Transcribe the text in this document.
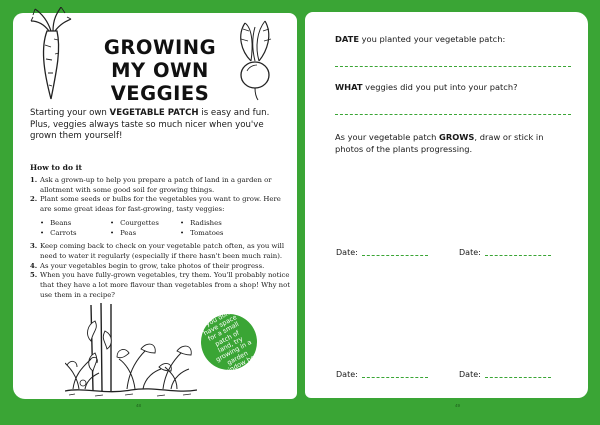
GROWING MY OWN VEGGIES
Starting your own VEGETABLE PATCH is easy and fun. Plus, veggies always taste so much nicer when you've grown them yourself!
How to do it
1. Ask a grown-up to help you prepare a patch of land in a garden or allotment with some good soil for growing things.
2. Plant some seeds or bulbs for the vegetables you want to grow. Here are some great ideas for fast-growing, tasty veggies:
• Beans	• Courgettes	• Radishes
• Carrots	• Peas	• Tomatoes
3. Keep coming back to check on your vegetable patch often, as you will need to water it regularly (especially if there hasn't been much rain).
4. As your vegetables begin to grow, take photos of their progress.
5. When you have fully-grown vegetables, try them. You'll probably notice that they have a lot more flavour than vegetables from a shop! Why not use them in a recipe?
If you don't have space for a small patch of land, try growing in a garden window box
48
DATE you planted your vegetable patch:
WHAT veggies did you put into your patch?
As your vegetable patch GROWS, draw or stick in photos of the plants progressing.
Date:	Date:
Date:	Date:
49
